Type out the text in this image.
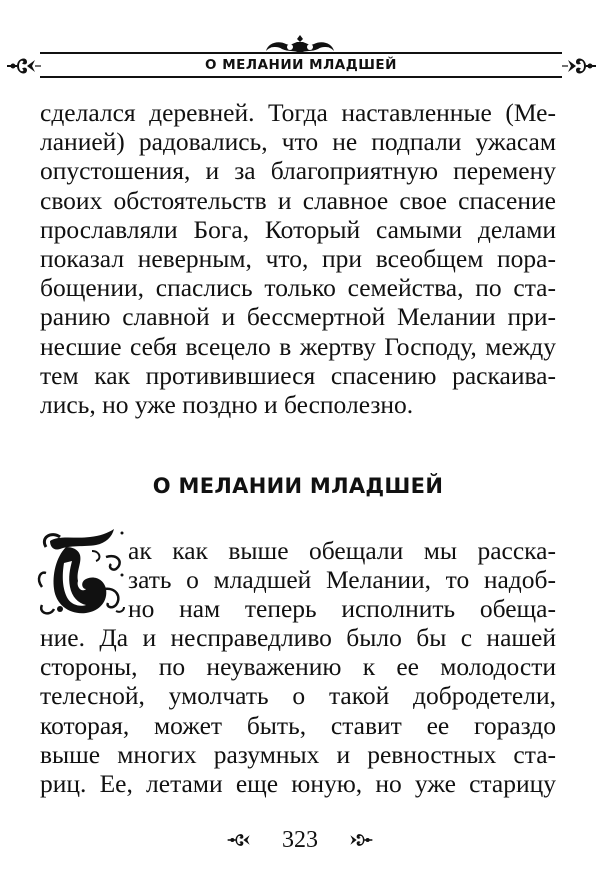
О МЕЛАНИИ МЛАДШЕЙ
сделался деревней. Тогда наставленные (Ме-
ланией) радовались, что не подпали ужасам
опустошения, и за благоприятную перемену
своих обстоятельств и славное свое спасение
прославляли Бога, Который самыми делами
показал неверным, что, при всеобщем пора-
бощении, спаслись только семейства, по ста-
ранию славной и бессмертной Мелании при-
несшие себя всецело в жертву Господу, между
тем как противившиеся спасению раскаива-
лись, но уже поздно и бесполезно.
О МЕЛАНИИ МЛАДШЕЙ
ак как выше обещали мы расска-
зать о младшей Мелании, то надоб-
но нам теперь исполнить обеща-
ние. Да и несправедливо было бы с нашей
стороны, по неуважению к ее молодости
телесной, умолчать о такой добродетели,
которая, может быть, ставит ее гораздо
выше многих разумных и ревностных ста-
риц. Ее, летами еще юную, но уже старицу
323
